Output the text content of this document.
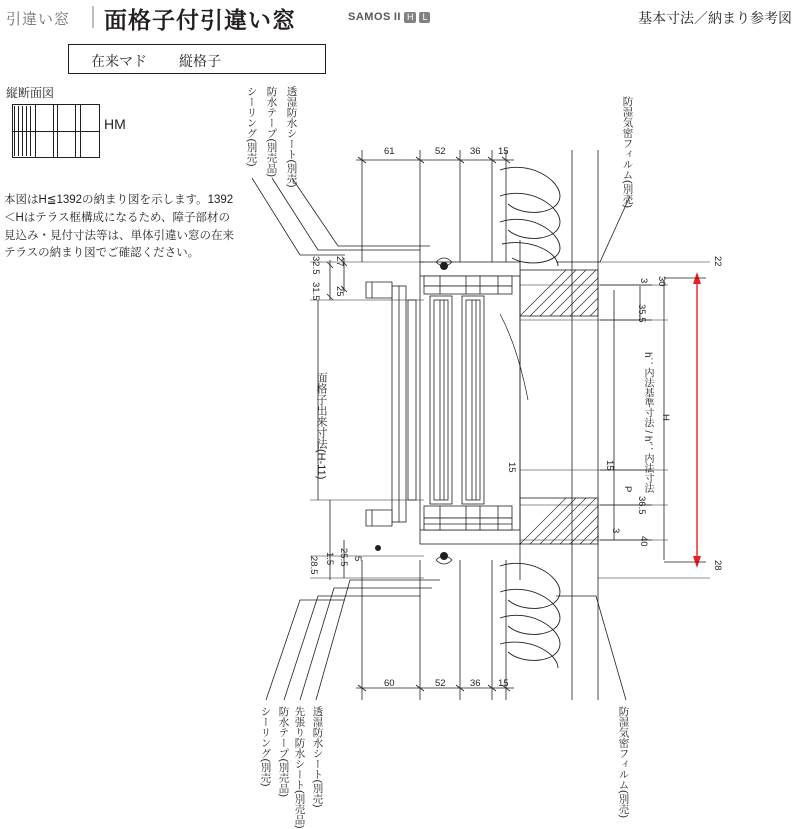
引違い窓 面格子付引違い窓	SAMOS II H	L	基本寸法／納まり参考図
在来マド 縦格子
縦断面図
HM
本図はH≦1392の納まり図を示します。1392＜Hはテラス框構成になるため、障子部材の見込み・見付寸法等は、単体引違い窓の在来テラスの納まり図でご確認ください。
シーリング(別売) 防水テープ(別売品) 透湿防水シート(別売)	防湿気密フィルム(別売)
シーリング(別売) 防水テープ(別売品) 先張り防水シート(別売品) 透湿防水シート(別売)	防湿気密フィルム(別売)
61	52	36 15
60	52	36 15
32.5 27
31.5 25
28.5 1.5 25.5 5
面格子出来寸法(H-11)	15
30
35.5
15
36.5
3
22
3
H
P
40
28
h：内法基準寸法 / h'：内法寸法
